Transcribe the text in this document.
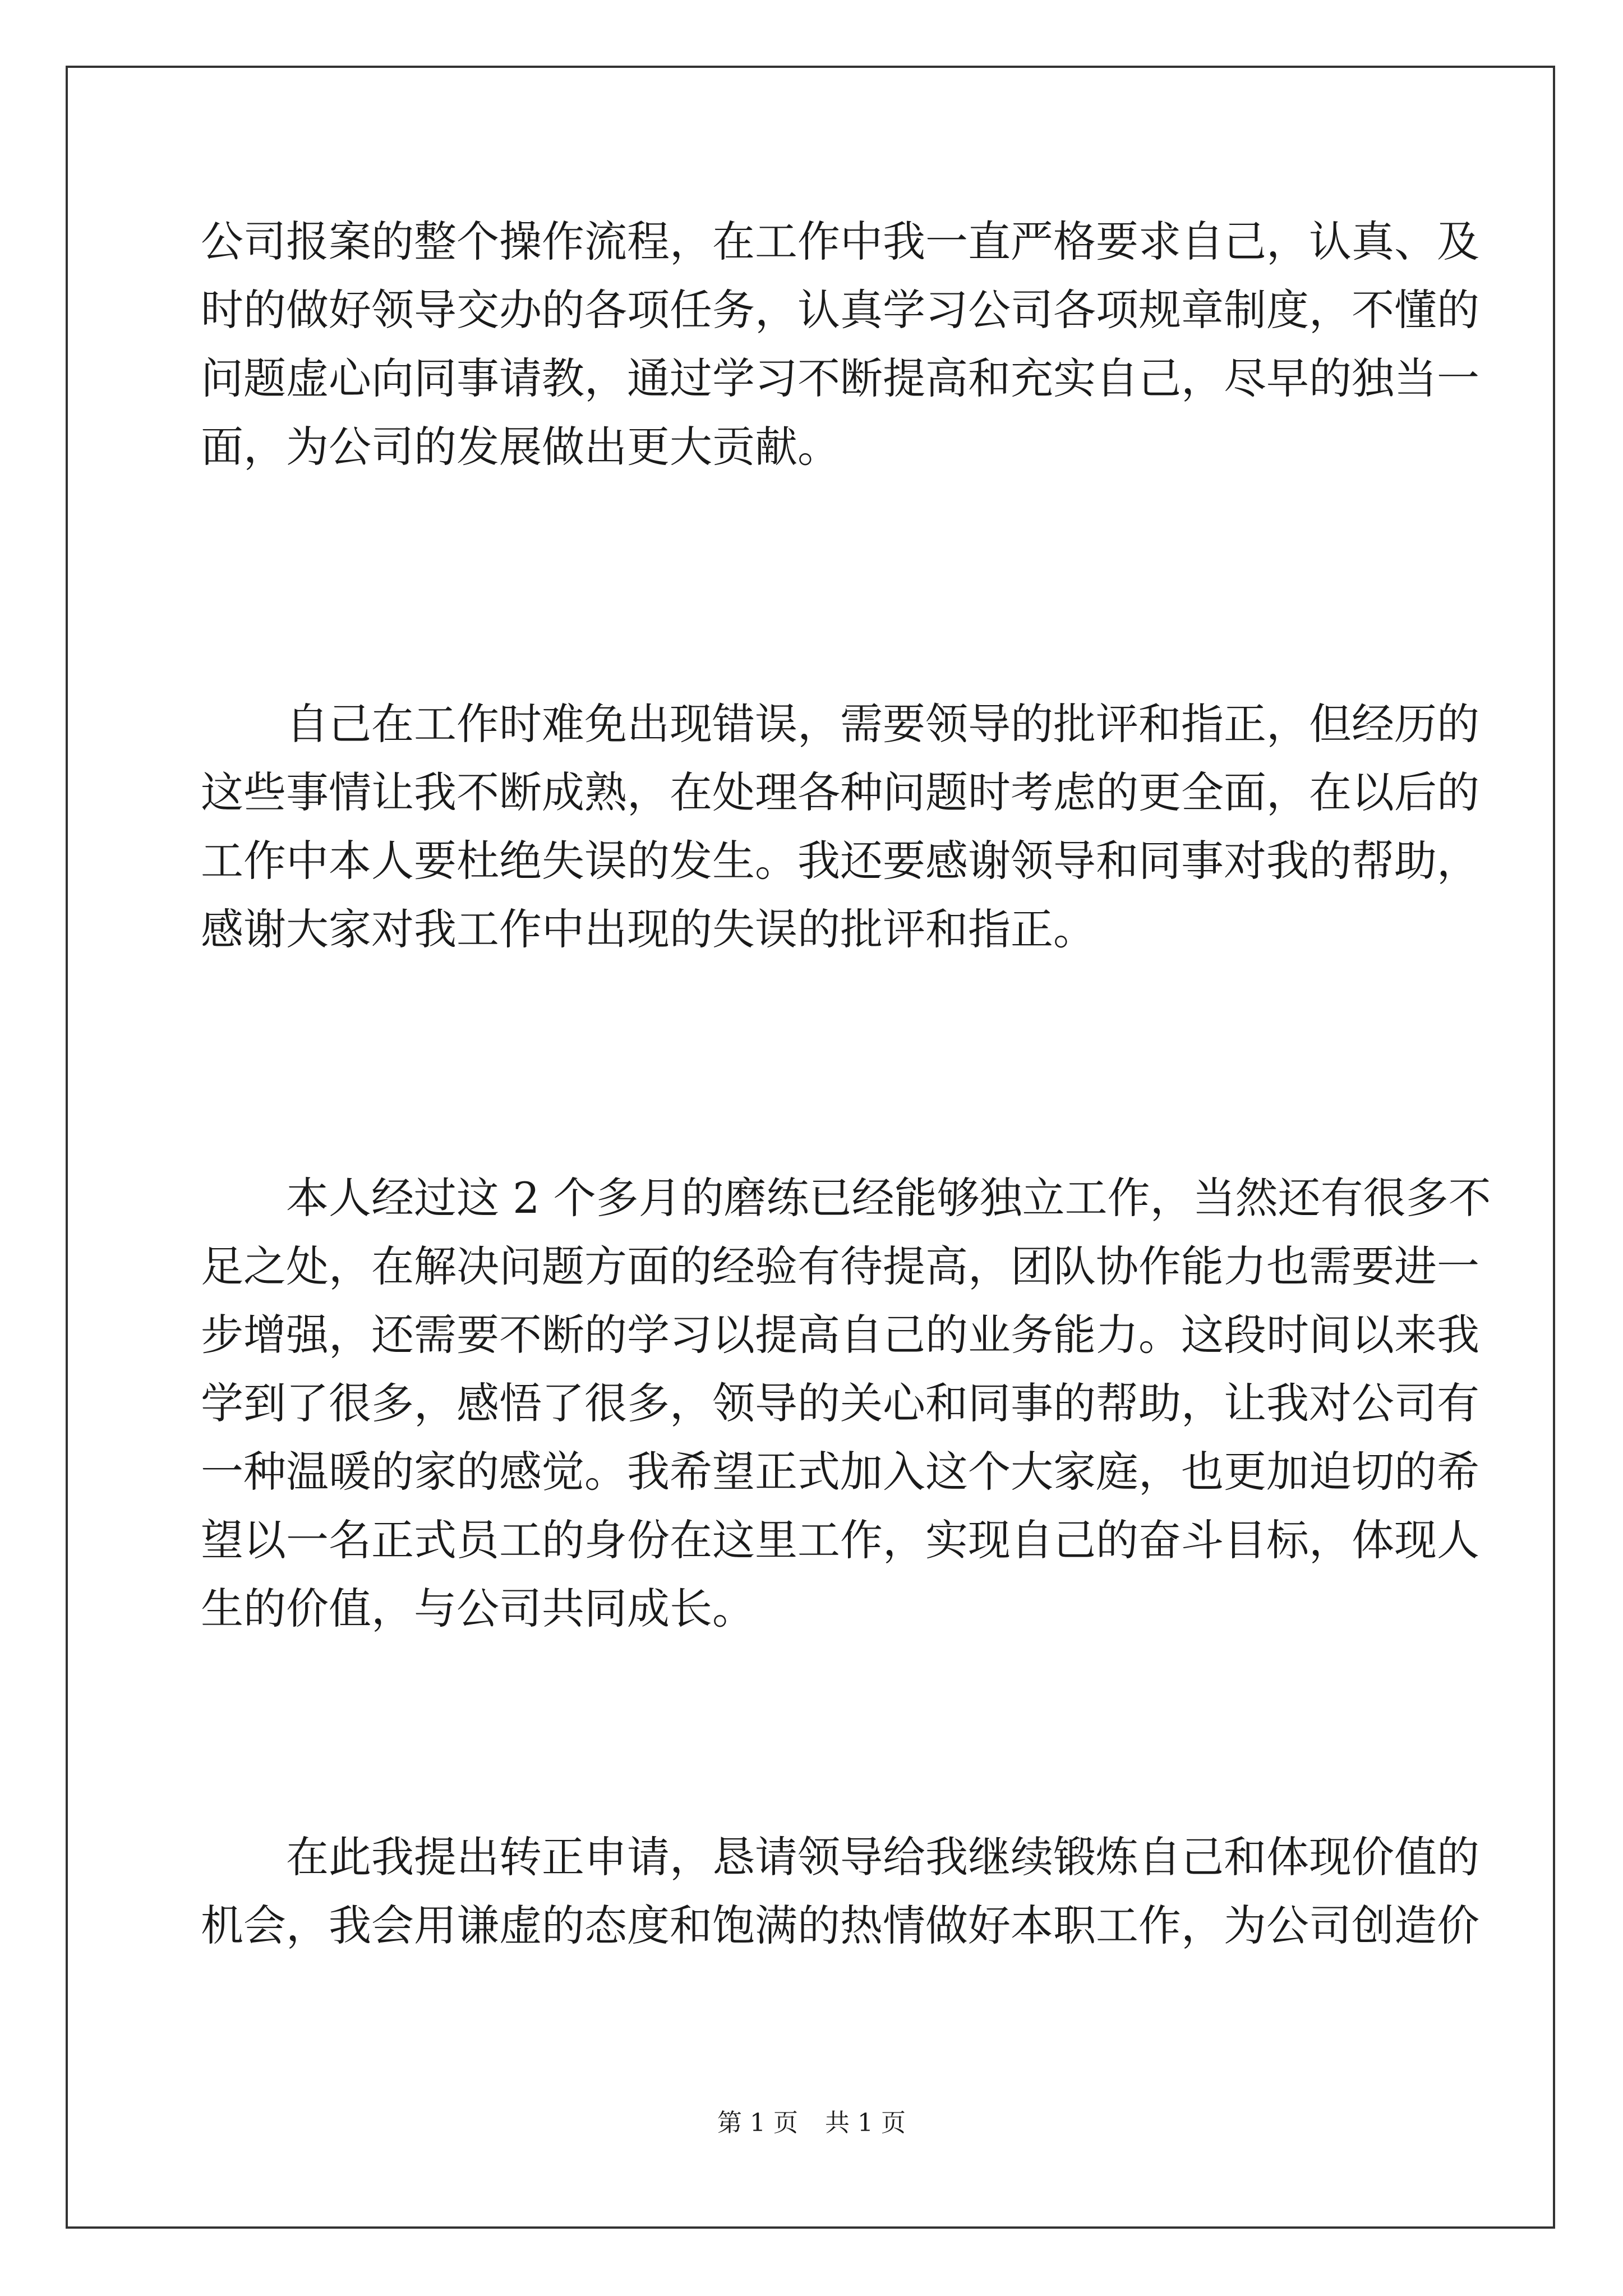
公司报案的整个操作流程，在工作中我一直严格要求自己，认真、及
时的做好领导交办的各项任务，认真学习公司各项规章制度，不懂的
问题虚心向同事请教，通过学习不断提高和充实自己，尽早的独当一
面，为公司的发展做出更大贡献。
自己在工作时难免出现错误，需要领导的批评和指正，但经历的
这些事情让我不断成熟，在处理各种问题时考虑的更全面，在以后的
工作中本人要杜绝失误的发生。我还要感谢领导和同事对我的帮助，
感谢大家对我工作中出现的失误的批评和指正。
本人经过这 2 个多月的磨练已经能够独立工作，当然还有很多不
足之处，在解决问题方面的经验有待提高，团队协作能力也需要进一
步增强，还需要不断的学习以提高自己的业务能力。这段时间以来我
学到了很多，感悟了很多，领导的关心和同事的帮助，让我对公司有
一种温暖的家的感觉。我希望正式加入这个大家庭，也更加迫切的希
望以一名正式员工的身份在这里工作，实现自己的奋斗目标，体现人
生的价值，与公司共同成长。
在此我提出转正申请，恳请领导给我继续锻炼自己和体现价值的
机会，我会用谦虚的态度和饱满的热情做好本职工作，为公司创造价
第 1 页 共 1 页
